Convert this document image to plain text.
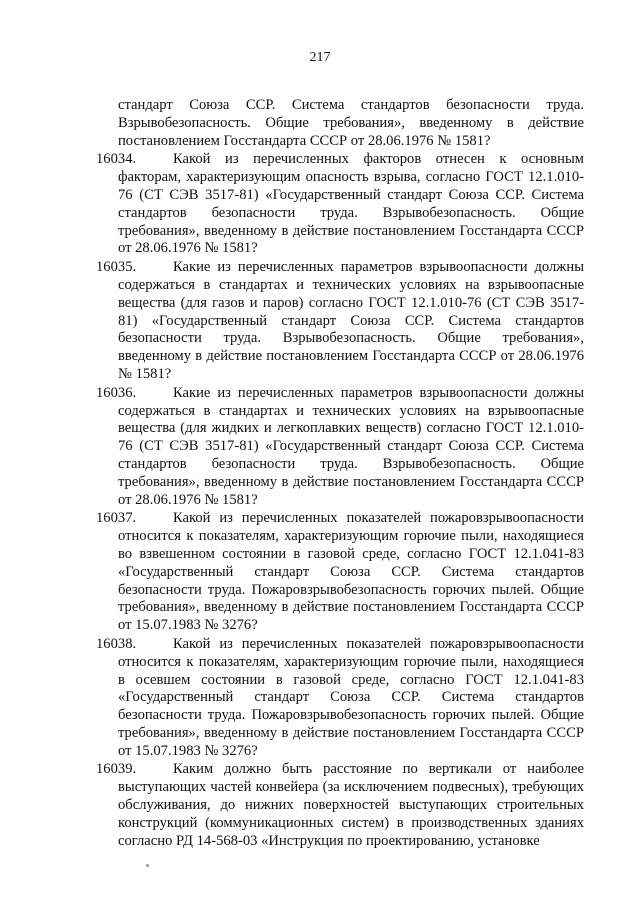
217

стандарт Союза ССР. Система стандартов безопасности труда. Взрывобезопасность. Общие требования», введенному в действие постановлением Госстандарта СССР от 28.06.1976 № 1581?

16034.	Какой из перечисленных факторов отнесен к основным факторам, характеризующим опасность взрыва, согласно ГОСТ 12.1.010-76 (СТ СЭВ 3517-81) «Государственный стандарт Союза ССР. Система стандартов безопасности труда. Взрывобезопасность. Общие требования», введенному в действие постановлением Госстандарта СССР от 28.06.1976 № 1581?

16035.	Какие из перечисленных параметров взрывоопасности должны содержаться в стандартах и технических условиях на взрывоопасные вещества (для газов и паров) согласно ГОСТ 12.1.010-76 (СТ СЭВ 3517-81) «Государственный стандарт Союза ССР. Система стандартов безопасности труда. Взрывобезопасность. Общие требования», введенному в действие постановлением Госстандарта СССР от 28.06.1976 № 1581?

16036.	Какие из перечисленных параметров взрывоопасности должны содержаться в стандартах и технических условиях на взрывоопасные вещества (для жидких и легкоплавких веществ) согласно ГОСТ 12.1.010-76 (СТ СЭВ 3517-81) «Государственный стандарт Союза ССР. Система стандартов безопасности труда. Взрывобезопасность. Общие требования», введенному в действие постановлением Госстандарта СССР от 28.06.1976 № 1581?

16037.	Какой из перечисленных показателей пожаровзрывоопасности относится к показателям, характеризующим горючие пыли, находящиеся во взвешенном состоянии в газовой среде, согласно ГОСТ 12.1.041-83 «Государственный стандарт Союза ССР. Система стандартов безопасности труда. Пожаровзрывобезопасность горючих пылей. Общие требования», введенному в действие постановлением Госстандарта СССР от 15.07.1983 № 3276?

16038.	Какой из перечисленных показателей пожаровзрывоопасности относится к показателям, характеризующим горючие пыли, находящиеся в осевшем состоянии в газовой среде, согласно ГОСТ 12.1.041-83 «Государственный стандарт Союза ССР. Система стандартов безопасности труда. Пожаровзрывобезопасность горючих пылей. Общие требования», введенному в действие постановлением Госстандарта СССР от 15.07.1983 № 3276?

16039.	Каким должно быть расстояние по вертикали от наиболее выступающих частей конвейера (за исключением подвесных), требующих обслуживания, до нижних поверхностей выступающих строительных конструкций (коммуникационных систем) в производственных зданиях согласно РД 14-568-03 «Инструкция по проектированию, установке
